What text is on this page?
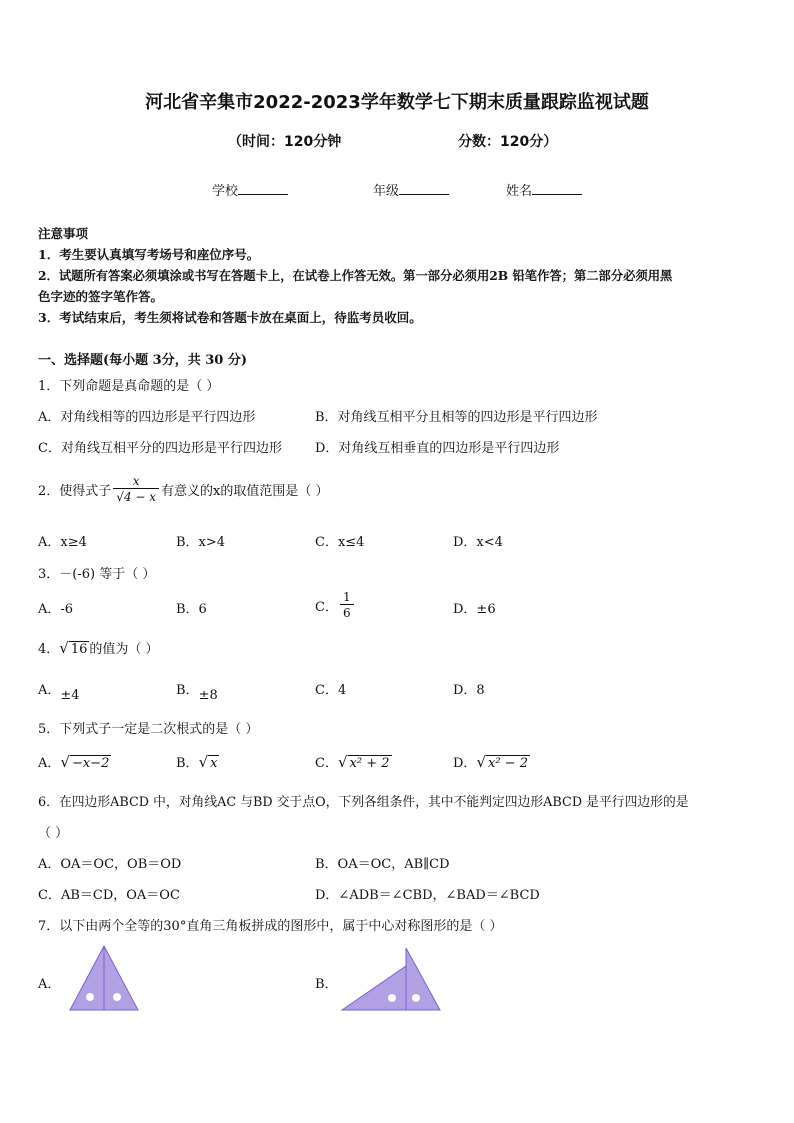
河北省辛集市2022-2023学年数学七下期末质量跟踪监视试题
（时间：120分钟	分数：120分）
学校	年级	姓名
注意事项
1．考生要认真填写考场号和座位序号。
2．试题所有答案必须填涂或书写在答题卡上，在试卷上作答无效。第一部分必须用2B 铅笔作答；第二部分必须用黑
色字迹的签字笔作答。
3．考试结束后，考生须将试卷和答题卡放在桌面上，待监考员收回。
一、选择题(每小题 3分，共 30 分)
1．下列命题是真命题的是（ ）
A．对角线相等的四边形是平行四边形	B．对角线互相平分且相等的四边形是平行四边形
C．对角线互相平分的四边形是平行四边形	D．对角线互相垂直的四边形是平行四边形
2．使得式子 $\frac{x}{√4 - x}$ 有意义的x的取值范围是（ ）
A．x≥4	B．x>4	C．x≤4	D．x<4
3．－(-6) 等于（ ）
A．-6	B．6	C． $\frac{1}{6}$	D．±6
4． √ 16 的值为（ ）
A．±4	B．±8	C．4	D．8
5．下列式子一定是二次根式的是（ ）
A．√ −x−2	B．√ x	C．√ x² + 2	D．√ x² − 2
6．在四边形ABCD 中，对角线AC 与BD 交于点O，下列各组条件，其中不能判定四边形ABCD 是平行四边形的是
（ ）
A．OA＝OC，OB＝OD	B．OA＝OC，AB∥CD
C．AB＝CD，OA＝OC	D．∠ADB＝∠CBD，∠BAD＝∠BCD
7．以下由两个全等的30°直角三角板拼成的图形中，属于中心对称图形的是（ ）
A．	B．
